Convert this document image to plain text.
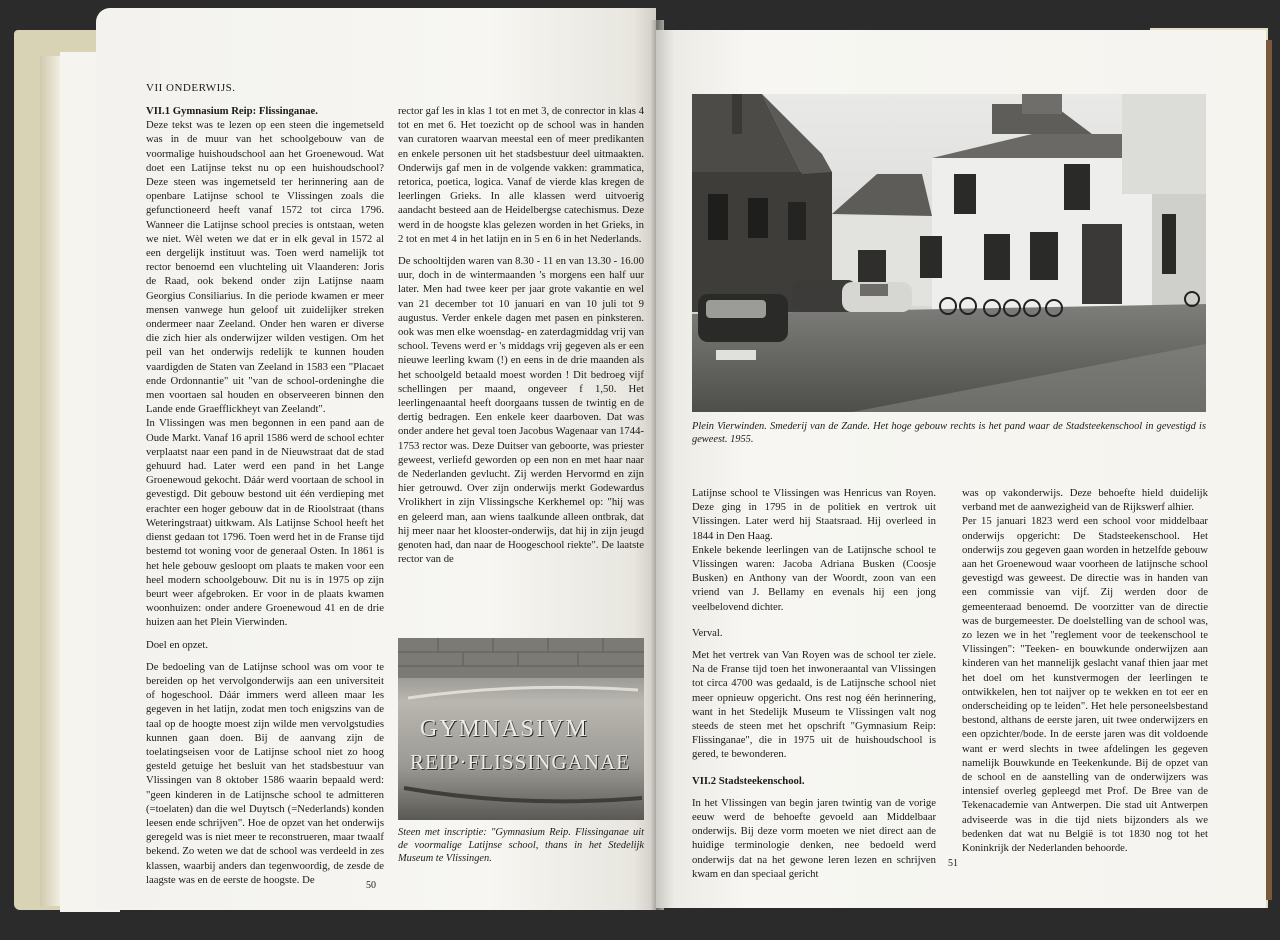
VII ONDERWIJS.

VII.1 Gymnasium Reip: Flissinganae.

Deze tekst was te lezen op een steen die ingemetseld was in de muur van het schoolgebouw van de voormalige huishoudschool aan het Groenewoud. Wat doet een Latijnse tekst nu op een huishoudschool? Deze steen was ingemetseld ter herinnering aan de openbare Latijnse school te Vlissingen zoals die gefunctioneerd heeft vanaf 1572 tot circa 1796. Wanneer die Latijnse school precies is ontstaan, weten we niet. Wèl weten we dat er in elk geval in 1572 al een dergelijk instituut was. Toen werd namelijk tot rector benoemd een vluchteling uit Vlaanderen: Joris de Raad, ook bekend onder zijn Latijnse naam Georgius Consiliarius. In die periode kwamen er meer mensen vanwege hun geloof uit zuidelijker streken ondermeer naar Zeeland. Onder hen waren er diverse die zich hier als onderwijzer wilden vestigen. Om het peil van het onderwijs redelijk te kunnen houden vaardigden de Staten van Zeeland in 1583 een "Placaet ende Ordonnantie" uit "van de school-ordeninghe die men voortaen sal houden en observeeren binnen den Lande ende Graefflickheyt van Zeelandt".

In Vlissingen was men begonnen in een pand aan de Oude Markt. Vanaf 16 april 1586 werd de school echter verplaatst naar een pand in de Nieuwstraat dat de stad gehuurd had. Later werd een pand in het Lange Groenewoud gekocht. Dáár werd voortaan de school in gevestigd. Dit gebouw bestond uit één verdieping met erachter een hoger gebouw dat in de Rioolstraat (thans Weteringstraat) uitkwam. Als Latijnse School heeft het dienst gedaan tot 1796. Toen werd het in de Franse tijd bestemd tot woning voor de generaal Osten. In 1861 is het hele gebouw gesloopt om plaats te maken voor een heel modern schoolgebouw. Dit nu is in 1975 op zijn beurt weer afgebroken. Er voor in de plaats kwamen woonhuizen: onder andere Groenewoud 41 en de drie huizen aan het Plein Vierwinden.

Doel en opzet.

De bedoeling van de Latijnse school was om voor te bereiden op het vervolgonderwijs aan een universiteit of hogeschool. Dáár immers werd alleen maar les gegeven in het latijn, zodat men toch enigszins van de taal op de hoogte moest zijn wilde men vervolgstudies kunnen gaan doen. Bij de aanvang zijn de toelatingseisen voor de Latijnse school niet zo hoog gesteld getuige het besluit van het stadsbestuur van Vlissingen van 8 oktober 1586 waarin bepaald werd: "geen kinderen in de Latijnsche school te admitteren (=toelaten) dan die wel Duytsch (=Nederlands) konden leesen ende schrijven". Hoe de opzet van het onderwijs geregeld was is niet meer te reconstrueren, maar twaalf bekend. Zo weten we dat de school was verdeeld in zes klassen, waarbij anders dan tegenwoordig, de zesde de laagste was en de eerste de hoogste. De

rector gaf les in klas 1 tot en met 3, de conrector in klas 4 tot en met 6. Het toezicht op de school was in handen van curatoren waarvan meestal een of meer predikanten en enkele personen uit het stadsbestuur deel uitmaakten. Onderwijs gaf men in de volgende vakken: grammatica, retorica, poetica, logica. Vanaf de vierde klas kregen de leerlingen Grieks. In alle klassen werd uitvoerig aandacht besteed aan de Heidelbergse catechismus. Deze werd in de hoogste klas gelezen worden in het Grieks, in 2 tot en met 4 in het latijn en in 5 en 6 in het Nederlands.

De schooltijden waren van 8.30 - 11 en van 13.30 - 16.00 uur, doch in de wintermaanden 's morgens een half uur later. Men had twee keer per jaar grote vakantie en wel van 21 december tot 10 januari en van 10 juli tot 9 augustus. Verder enkele dagen met pasen en pinksteren. ook was men elke woensdag- en zaterdagmiddag vrij van school. Tevens werd er 's middags vrij gegeven als er een nieuwe leerling kwam (!) en eens in de drie maanden als het schoolgeld betaald moest worden ! Dit bedroeg vijf schellingen per maand, ongeveer f 1,50. Het leerlingenaantal heeft doorgaans tussen de twintig en de dertig bedragen. Een enkele keer daarboven. Dat was onder andere het geval toen Jacobus Wagenaar van 1744-1753 rector was. Deze Duitser van geboorte, was priester geweest, verliefd geworden op een non en met haar naar de Nederlanden gevlucht. Zij werden Hervormd en zijn hier getrouwd. Over zijn onderwijs merkt Godewardus Vrolikhert in zijn Vlissingsche Kerkhemel op: "hij was en geleerd man, aan wiens taalkunde alleen ontbrak, dat hij meer naar het klooster-onderwijs, dat hij in zijn jeugd genoten had, dan naar de Hoogeschool riekte". De laatste rector van de

GYMNASIVM
REIP·FLISSINGANAE
Steen met inscriptie: "Gymnasium Reip. Flissinganae uit de voormalige Latijnse school, thans in het Stedelijk Museum te Vlissingen.
50
Plein Vierwinden. Smederij van de Zande. Het hoge gebouw rechts is het pand waar de Stadsteekenschool in gevestigd is geweest. 1955.

Latijnse school te Vlissingen was Henricus van Royen. Deze ging in 1795 in de politiek en vertrok uit Vlissingen. Later werd hij Staatsraad. Hij overleed in 1844 in Den Haag.

Enkele bekende leerlingen van de Latijnsche school te Vlissingen waren: Jacoba Adriana Busken (Coosje Busken) en Anthony van der Woordt, zoon van een vriend van J. Bellamy en evenals hij een jong veelbelovend dichter.

Verval.

Met het vertrek van Van Royen was de school ter ziele. Na de Franse tijd toen het inwoneraantal van Vlissingen tot circa 4700 was gedaald, is de Latijnsche school niet meer opnieuw opgericht. Ons rest nog één herinnering, want in het Stedelijk Museum te Vlissingen valt nog steeds de steen met het opschrift "Gymnasium Reip: Flissinganae", die in 1975 uit de huishoudschool is gered, te bewonderen.

VII.2 Stadsteekenschool.

In het Vlissingen van begin jaren twintig van de vorige eeuw werd de behoefte gevoeld aan Middelbaar onderwijs. Bij deze vorm moeten we niet direct aan de huidige terminologie denken, nee bedoeld werd onderwijs dat na het gewone leren lezen en schrijven kwam en dan speciaal gericht

was op vakonderwijs. Deze behoefte hield duidelijk verband met de aanwezigheid van de Rijkswerf alhier.

Per 15 januari 1823 werd een school voor middelbaar onderwijs opgericht: De Stadsteekenschool. Het onderwijs zou gegeven gaan worden in hetzelfde gebouw aan het Groenewoud waar voorheen de latijnsche school gevestigd was geweest. De directie was in handen van een commissie van vijf. Zij werden door de gemeenteraad benoemd. De voorzitter van de directie was de burgemeester. De doelstelling van de school was, zo lezen we in het "reglement voor de teekenschool te Vlissingen": "Teeken- en bouwkunde onderwijzen aan kinderen van het mannelijk geslacht vanaf thien jaar met het doel om het kunstvermogen der leerlingen te ontwikkelen, hen tot naijver op te wekken en tot eer en onderscheiding op te leiden". Het hele personeelsbestand bestond, althans de eerste jaren, uit twee onderwijzers en een opzichter/bode. In de eerste jaren was dit voldoende want er werd slechts in twee afdelingen les gegeven namelijk Bouwkunde en Teekenkunde. Bij de opzet van de school en de aanstelling van de onderwijzers was intensief overleg gepleegd met Prof. De Bree van de Tekenacademie van Antwerpen. Die stad uit Antwerpen adviseerde was in die tijd niets bijzonders als we bedenken dat wat nu België is tot 1830 nog tot het Koninkrijk der Nederlanden behoorde.

51
